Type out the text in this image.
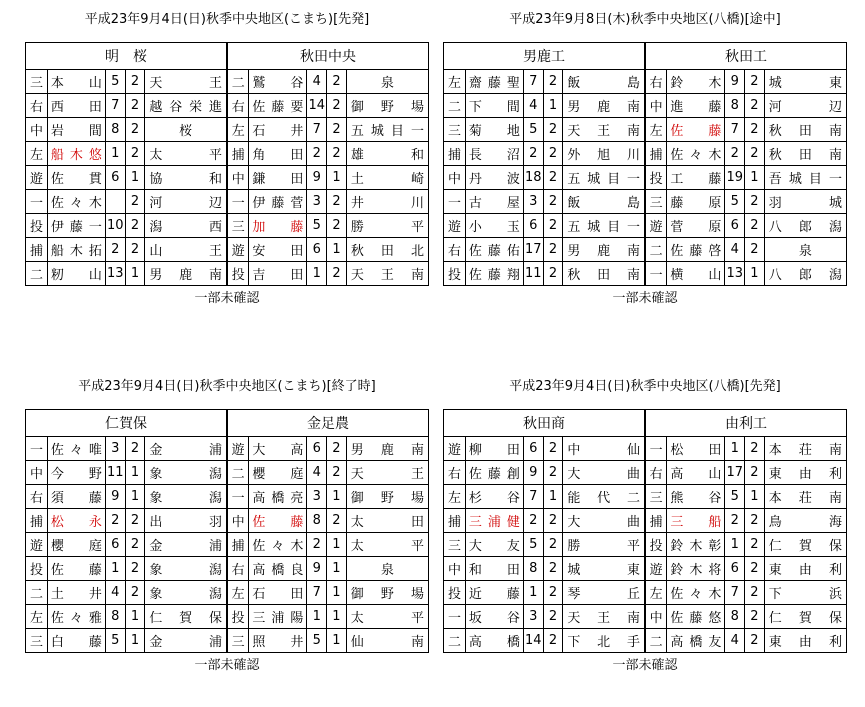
平成23年9月4日(日)秋季中央地区(こまち)[先発]
明　桜					秋田中央				
三	本　山	5	2	天　王	二	鷲　谷	4	2	泉
右	西　田	7	2	越谷栄進	右	佐藤要	14	2	御野場
中	岩　間	8	2	桜	左	石　井	7	2	五城目一
左	船木悠	1	2	太　平	捕	角　田	2	2	雄　和
遊	佐　貫	6	1	協　和	中	鎌　田	9	1	土　崎
一	佐々木		2	河　辺	一	伊藤菅	3	2	井　川
投	伊藤一	10	2	潟　西	三	加　藤	5	2	勝　平
捕	船木拓	2	2	山　王	遊	安　田	6	1	秋田北
二	籾　山	13	1	男鹿南	投	吉　田	1	2	天王南
一部未確認
平成23年9月8日(木)秋季中央地区(八橋)[途中]
男鹿工					秋田工				
左	齋藤聖	7	2	飯　島	右	鈴　木	9	2	城　東
二	下　間	4	1	男鹿南	中	進　藤	8	2	河　辺
三	菊　地	5	2	天王南	左	佐　藤	7	2	秋田南
捕	長　沼	2	2	外旭川	捕	佐々木	2	2	秋田南
中	丹　波	18	2	五城目一	投	工　藤	19	1	吾城目一
一	古　屋	3	2	飯　島	三	藤　原	5	2	羽　城
遊	小　玉	6	2	五城目一	遊	菅　原	6	2	八郎潟
右	佐藤佑	17	2	男鹿南	二	佐藤啓	4	2	泉
投	佐藤翔	11	2	秋田南	一	横　山	13	1	八郎潟
一部未確認
平成23年9月4日(日)秋季中央地区(こまち)[終了時]
仁賀保					金足農				
一	佐々唯	3	2	金　浦	遊	大　高	6	2	男鹿南
中	今　野	11	1	象　潟	二	櫻　庭	4	2	天　王
右	須　藤	9	1	象　潟	一	高橋亮	3	1	御野場
捕	松　永	2	2	出　羽	中	佐　藤	8	2	太　田
遊	櫻　庭	6	2	金　浦	捕	佐々木	2	1	太　平
投	佐　藤	1	2	象　潟	右	高橋良	9	1	泉
二	土　井	4	2	象　潟	左	石　田	7	1	御野場
左	佐々雅	8	1	仁賀保	投	三浦陽	1	1	太　平
三	白　藤	5	1	金　浦	三	照　井	5	1	仙　南
一部未確認
平成23年9月4日(日)秋季中央地区(八橋)[先発]
秋田商					由利工				
遊	柳　田	6	2	中　仙	一	松　田	1	2	本荘南
右	佐藤創	9	2	大　曲	右	高　山	17	2	東由利
左	杉　谷	7	1	能代二	三	熊　谷	5	1	本荘南
捕	三浦健	2	2	大　曲	捕	三　船	2	2	鳥　海
三	大　友	5	2	勝　平	投	鈴木彰	1	2	仁賀保
中	和　田	8	2	城　東	遊	鈴木将	6	2	東由利
投	近　藤	1	2	琴　丘	左	佐々木	7	2	下　浜
一	坂　谷	3	2	天王南	中	佐藤悠	8	2	仁賀保
二	高　橋	14	2	下北手	二	高橋友	4	2	東由利
一部未確認
